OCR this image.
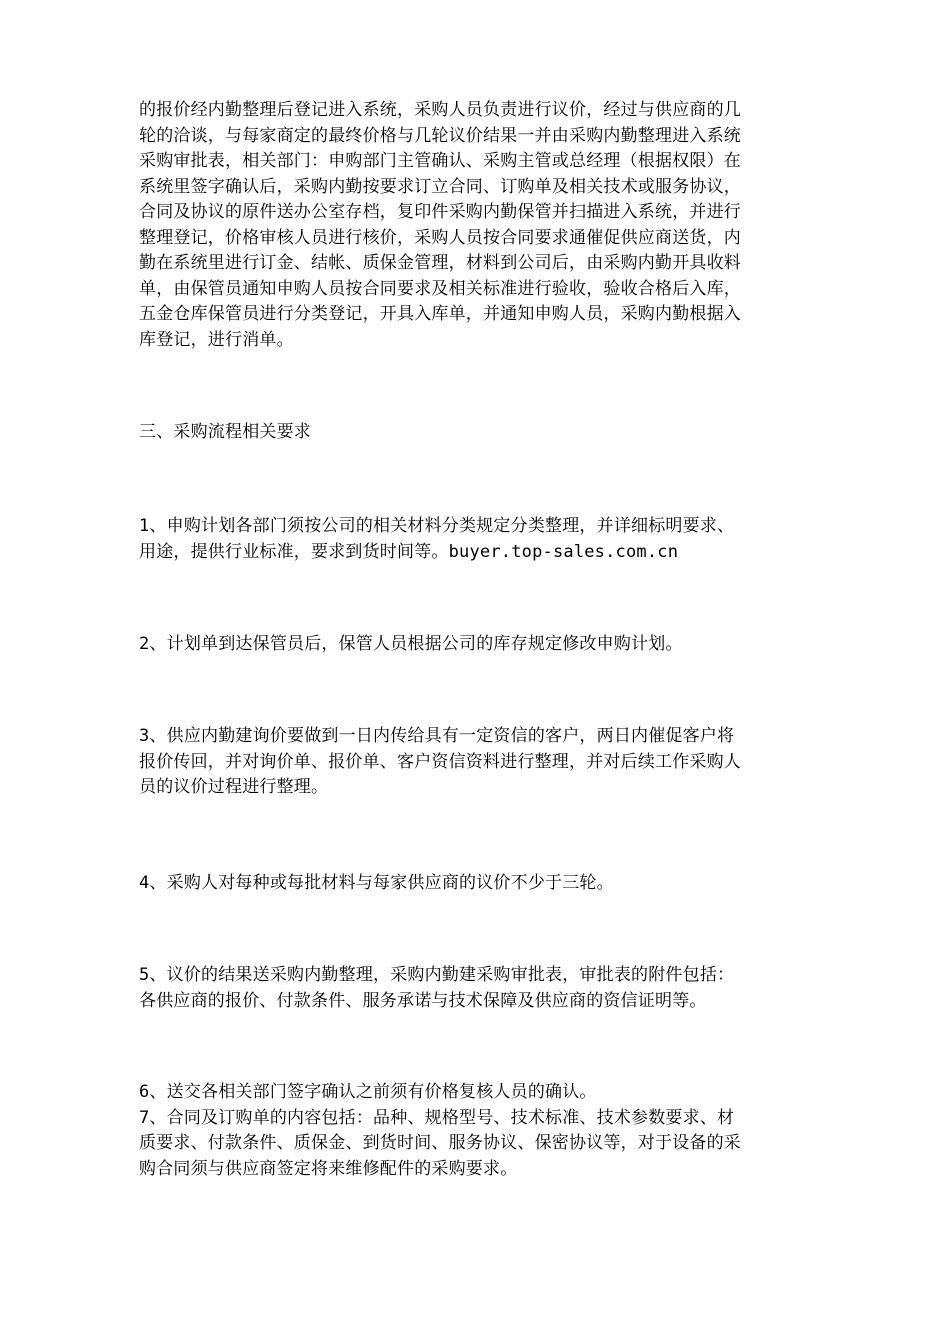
的报价经内勤整理后登记进入系统，采购人员负责进行议价，经过与供应商的几
轮的洽谈，与每家商定的最终价格与几轮议价结果一并由采购内勤整理进入系统
采购审批表，相关部门：申购部门主管确认、采购主管或总经理（根据权限）在
系统里签字确认后，采购内勤按要求订立合同、订购单及相关技术或服务协议，
合同及协议的原件送办公室存档，复印件采购内勤保管并扫描进入系统，并进行
整理登记，价格审核人员进行核价，采购人员按合同要求通催促供应商送货，内
勤在系统里进行订金、结帐、质保金管理，材料到公司后，由采购内勤开具收料
单，由保管员通知申购人员按合同要求及相关标准进行验收，验收合格后入库，
五金仓库保管员进行分类登记，开具入库单，并通知申购人员，采购内勤根据入
库登记，进行消单。
三、采购流程相关要求
1、申购计划各部门须按公司的相关材料分类规定分类整理，并详细标明要求、
用途，提供行业标准，要求到货时间等。buyer.top-sales.com.cn
2、计划单到达保管员后，保管人员根据公司的库存规定修改申购计划。
3、供应内勤建询价要做到一日内传给具有一定资信的客户，两日内催促客户将
报价传回，并对询价单、报价单、客户资信资料进行整理，并对后续工作采购人
员的议价过程进行整理。
4、采购人对每种或每批材料与每家供应商的议价不少于三轮。
5、议价的结果送采购内勤整理，采购内勤建采购审批表，审批表的附件包括：
各供应商的报价、付款条件、服务承诺与技术保障及供应商的资信证明等。
6、送交各相关部门签字确认之前须有价格复核人员的确认。
7、合同及订购单的内容包括：品种、规格型号、技术标准、技术参数要求、材
质要求、付款条件、质保金、到货时间、服务协议、保密协议等，对于设备的采
购合同须与供应商签定将来维修配件的采购要求。
